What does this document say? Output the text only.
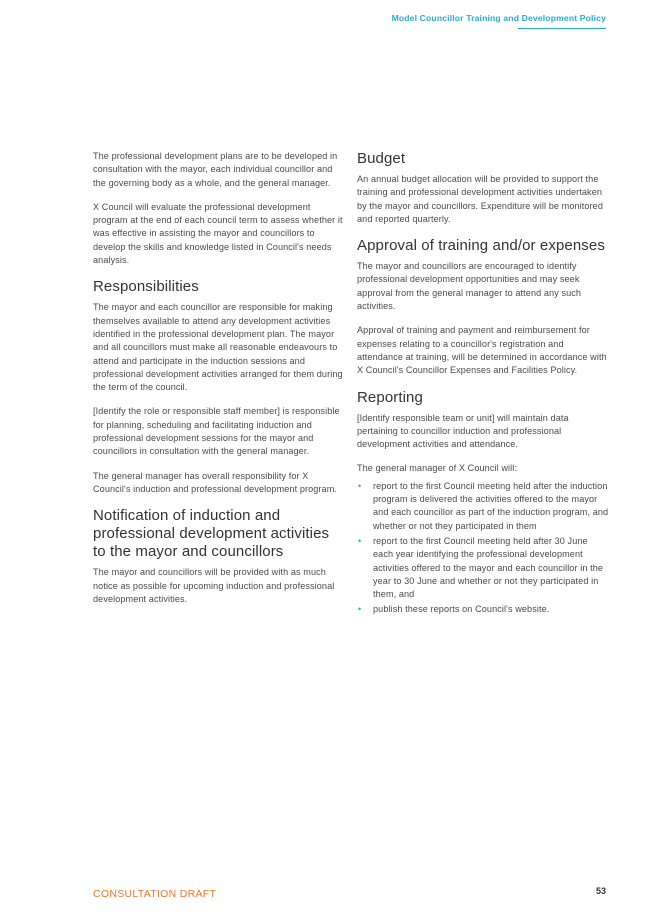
Model Councillor Training and Development Policy

The professional development plans are to be developed in consultation with the mayor, each individual councillor and the governing body as a whole, and the general manager.

X Council will evaluate the professional development program at the end of each council term to assess whether it was effective in assisting the mayor and councillors to develop the skills and knowledge listed in Council's needs analysis.

Responsibilities

The mayor and each councillor are responsible for making themselves available to attend any development activities identified in the professional development plan. The mayor and all councillors must make all reasonable endeavours to attend and participate in the induction sessions and professional development activities arranged for them during the term of the council.

[Identify the role or responsible staff member] is responsible for planning, scheduling and facilitating induction and professional development sessions for the mayor and councillors in consultation with the general manager.

The general manager has overall responsibility for X Council's induction and professional development program.

Notification of induction and professional development activities to the mayor and councillors

The mayor and councillors will be provided with as much notice as possible for upcoming induction and professional development activities.

Budget

An annual budget allocation will be provided to support the training and professional development activities undertaken by the mayor and councillors. Expenditure will be monitored and reported quarterly.

Approval of training and/or expenses

The mayor and councillors are encouraged to identify professional development opportunities and may seek approval from the general manager to attend any such activities.

Approval of training and payment and reimbursement for expenses relating to a councillor's registration and attendance at training, will be determined in accordance with X Council's Councillor Expenses and Facilities Policy.

Reporting

[Identify responsible team or unit] will maintain data pertaining to councillor induction and professional development activities and attendance.

The general manager of X Council will:

• report to the first Council meeting held after the induction program is delivered the activities offered to the mayor and each councillor as part of the induction program, and whether or not they participated in them
• report to the first Council meeting held after 30 June each year identifying the professional development activities offered to the mayor and each councillor in the year to 30 June and whether or not they participated in them, and
• publish these reports on Council's website.
CONSULTATION DRAFT	53
